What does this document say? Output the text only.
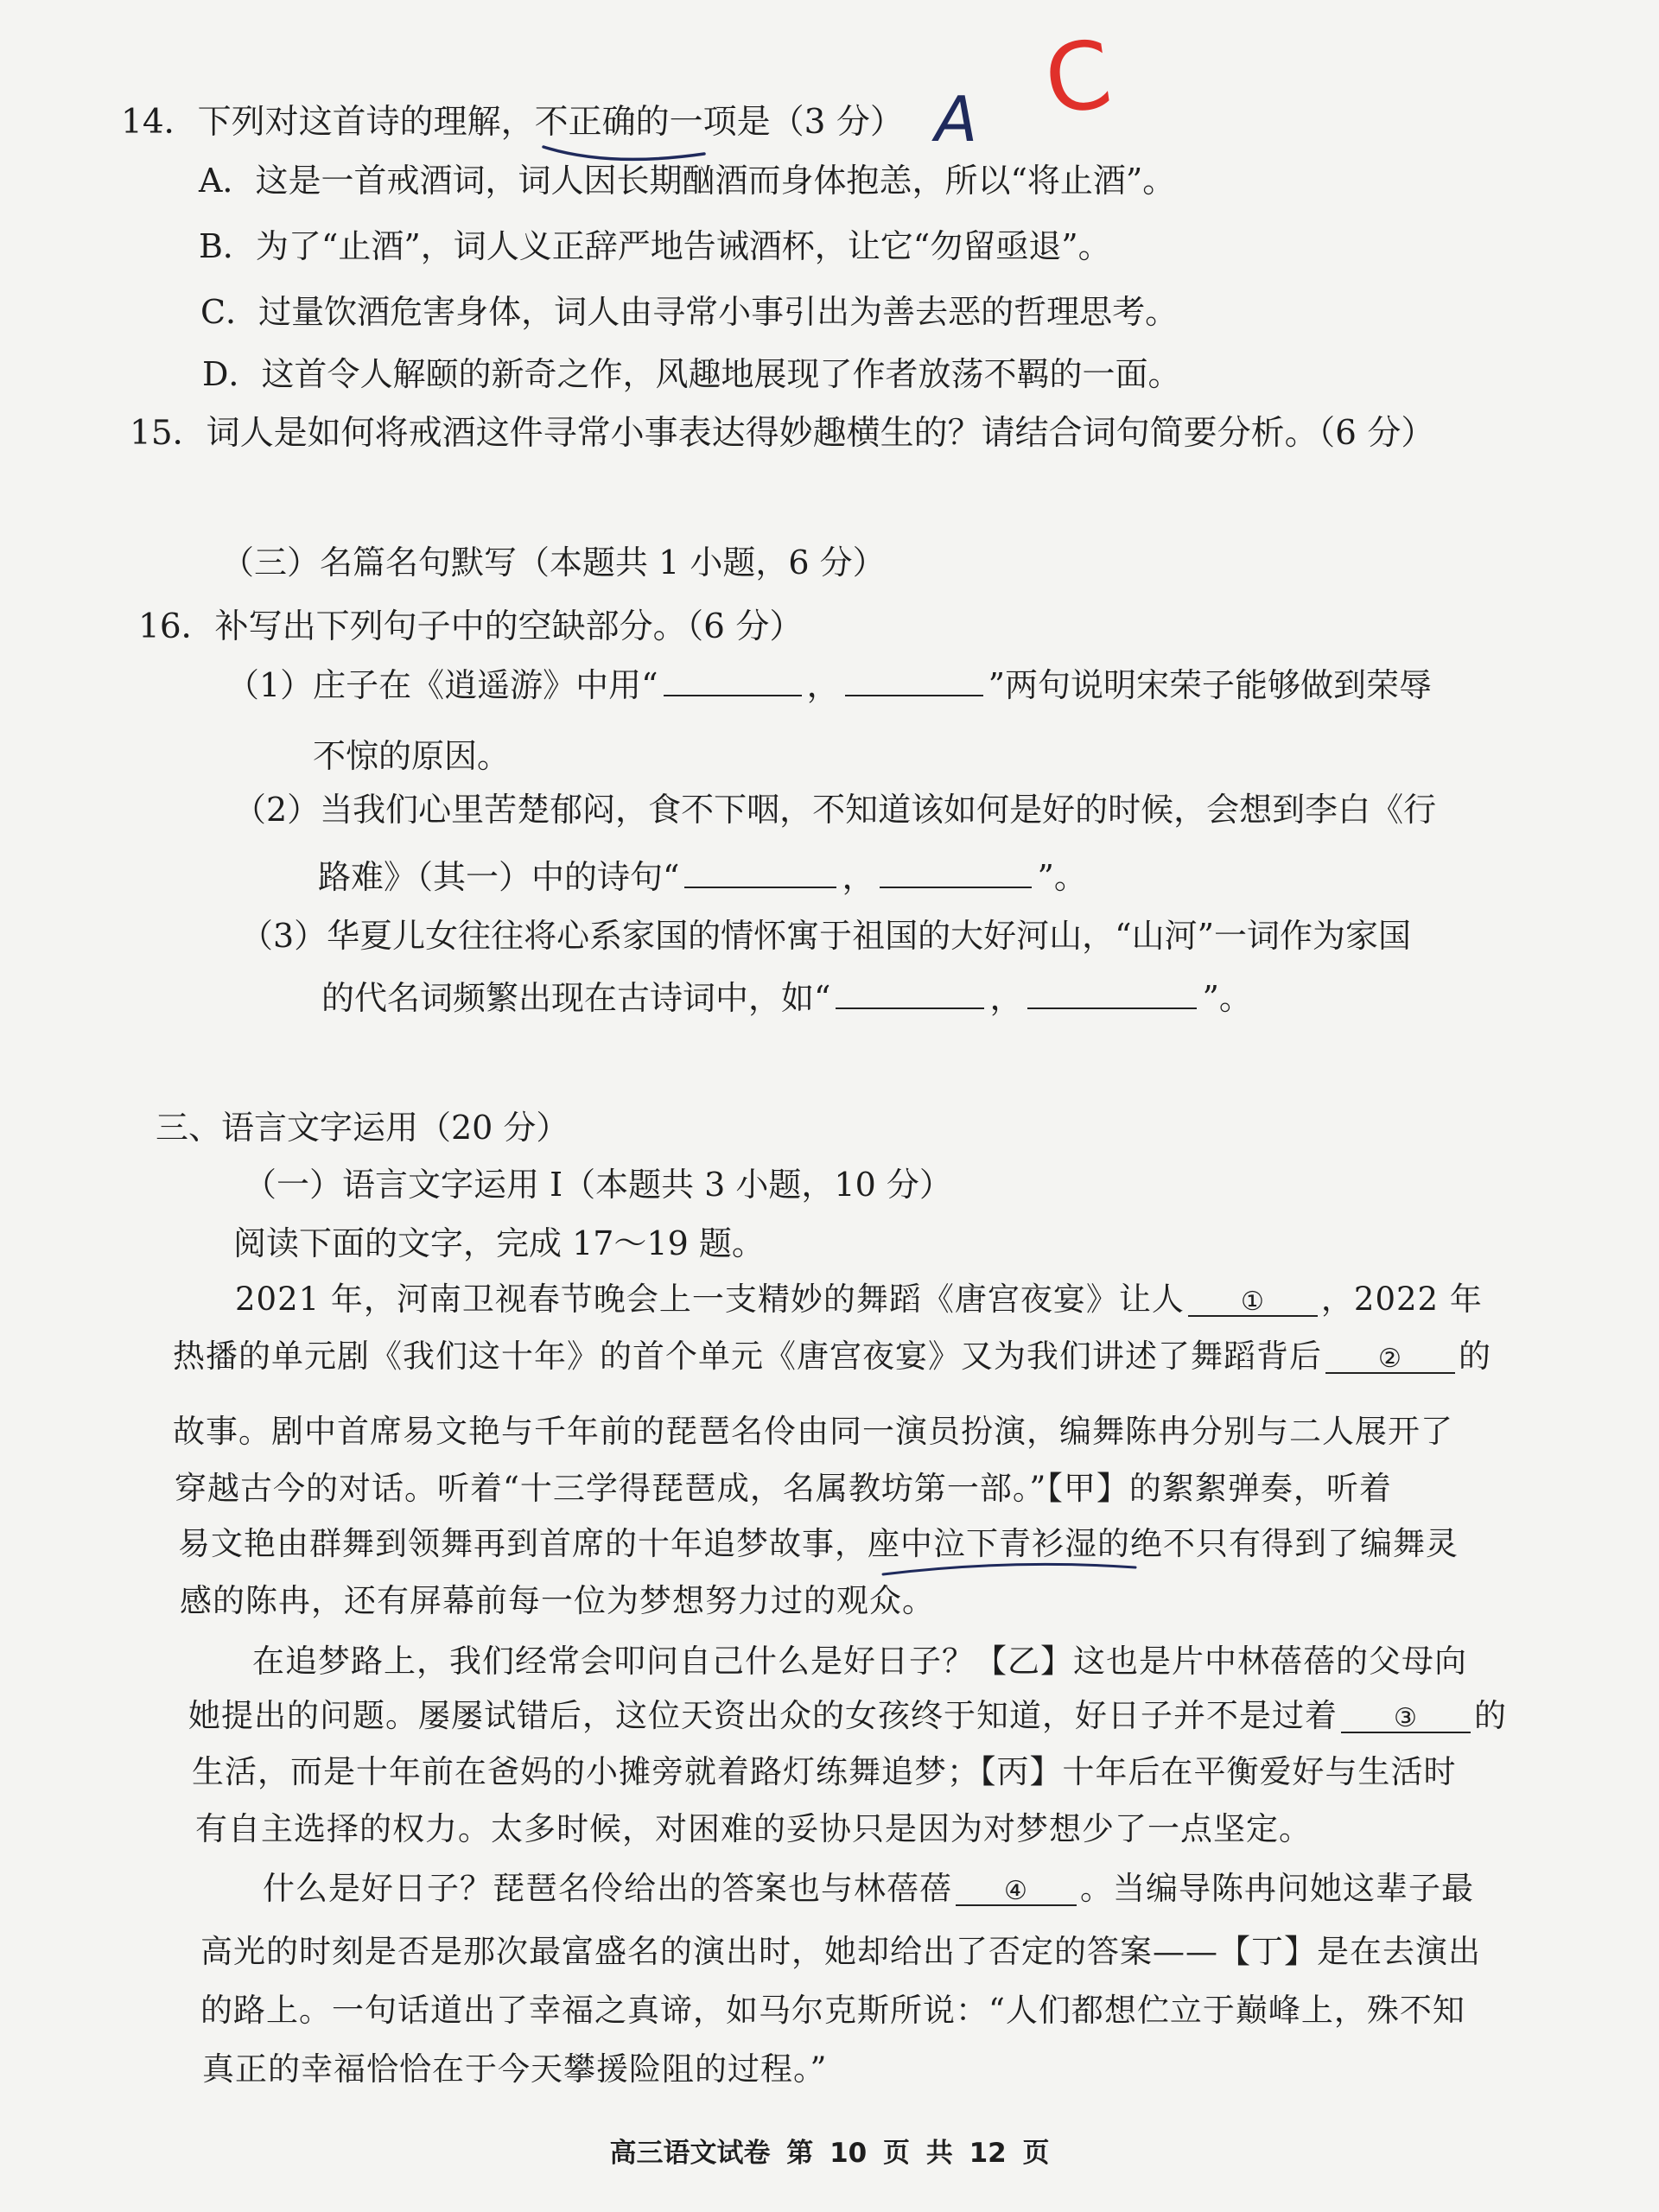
14．下列对这首诗的理解，不正确的一项是（3 分） A C
A．这是一首戒酒词，词人因长期酗酒而身体抱恙，所以“将止酒”。
B．为了“止酒”，词人义正辞严地告诫酒杯，让它“勿留亟退”。
C．过量饮酒危害身体，词人由寻常小事引出为善去恶的哲理思考。
D．这首令人解颐的新奇之作，风趣地展现了作者放荡不羁的一面。
15．词人是如何将戒酒这件寻常小事表达得妙趣横生的？请结合词句简要分析。（6 分）
（三）名篇名句默写（本题共 1 小题，6 分）
16．补写出下列句子中的空缺部分。（6 分）
（1）庄子在《逍遥游》中用“	，	”两句说明宋荣子能够做到荣辱
不惊的原因。
（2）当我们心里苦楚郁闷，食不下咽，不知道该如何是好的时候，会想到李白《行
路难》（其一）中的诗句“	，	”。
（3）华夏儿女往往将心系家国的情怀寓于祖国的大好河山，“山河”一词作为家国
的代名词频繁出现在古诗词中，如“	，	”。
三、语言文字运用（20 分）
（一）语言文字运用 I（本题共 3 小题，10 分）
阅读下面的文字，完成 17～19 题。
2021 年，河南卫视春节晚会上一支精妙的舞蹈《唐宫夜宴》让人 ① ，2022 年
热播的单元剧《我们这十年》的首个单元《唐宫夜宴》又为我们讲述了舞蹈背后 ② 的
故事。剧中首席易文艳与千年前的琵琶名伶由同一演员扮演，编舞陈冉分别与二人展开了
穿越古今的对话。听着“十三学得琵琶成，名属教坊第一部。”【甲】的絮絮弹奏，听着
易文艳由群舞到领舞再到首席的十年追梦故事，座中泣下青衫湿的绝不只有得到了编舞灵
感的陈冉，还有屏幕前每一位为梦想努力过的观众。
在追梦路上，我们经常会叩问自己什么是好日子？【乙】这也是片中林蓓蓓的父母向
她提出的问题。屡屡试错后，这位天资出众的女孩终于知道，好日子并不是过着 ③ 的
生活，而是十年前在爸妈的小摊旁就着路灯练舞追梦；【丙】十年后在平衡爱好与生活时
有自主选择的权力。太多时候，对困难的妥协只是因为对梦想少了一点坚定。
什么是好日子？琵琶名伶给出的答案也与林蓓蓓 ④ 。当编导陈冉问她这辈子最
高光的时刻是否是那次最富盛名的演出时，她却给出了否定的答案——【丁】是在去演出
的路上。一句话道出了幸福之真谛，如马尔克斯所说：“人们都想伫立于巅峰上，殊不知
真正的幸福恰恰在于今天攀援险阻的过程。”
高三语文试卷 第 10 页 共 12 页
